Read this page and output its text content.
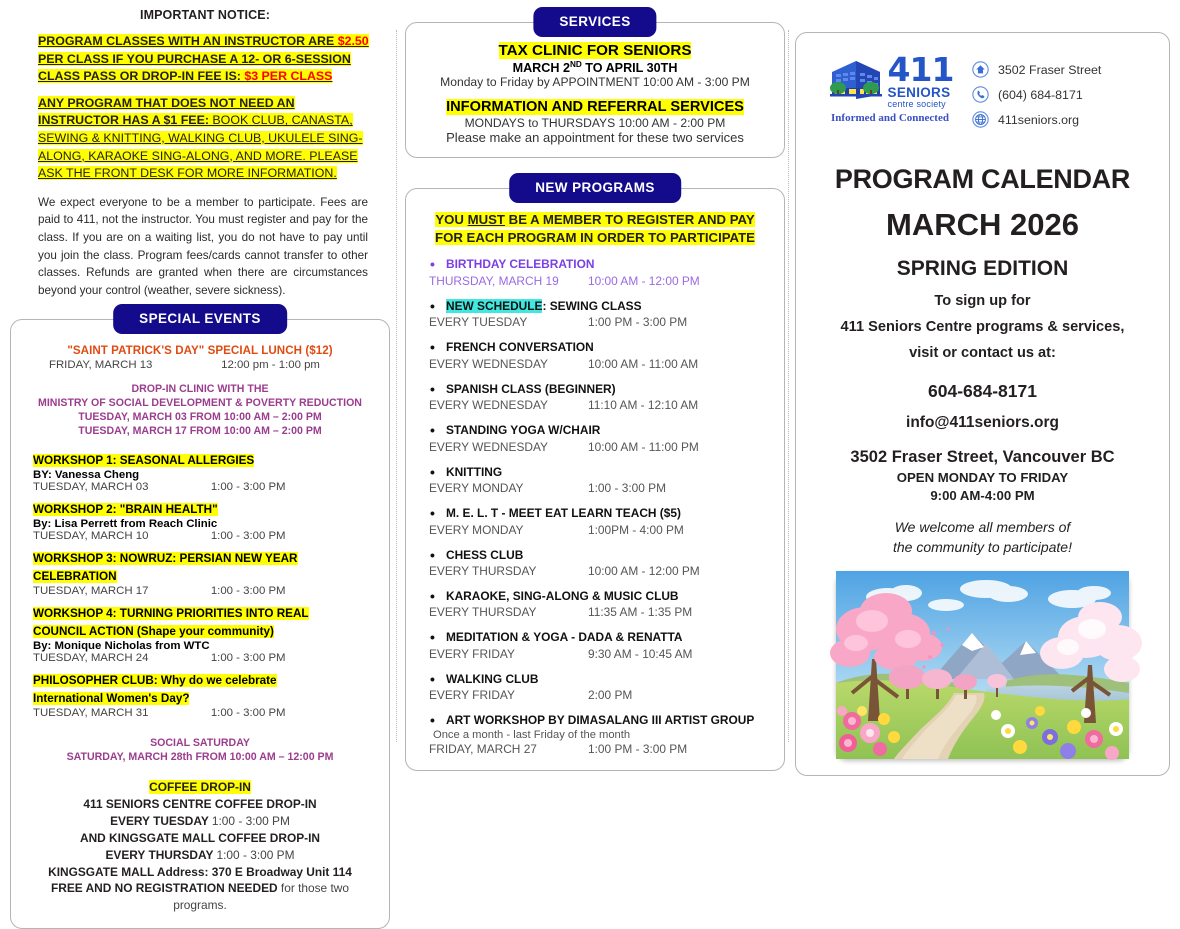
IMPORTANT NOTICE:
PROGRAM CLASSES WITH AN INSTRUCTOR ARE $2.50 PER CLASS IF YOU PURCHASE A 12- OR 6-SESSION CLASS PASS OR DROP-IN FEE IS: $3 PER CLASS
ANY PROGRAM THAT DOES NOT NEED AN INSTRUCTOR HAS A $1 FEE: BOOK CLUB, CANASTA, SEWING & KNITTING, WALKING CLUB, UKULELE SING-ALONG, KARAOKE SING-ALONG, AND MORE. PLEASE ASK THE FRONT DESK FOR MORE INFORMATION.

We expect everyone to be a member to participate. Fees are paid to 411, not the instructor. You must register and pay for the class. If you are on a waiting list, you do not have to pay until you join the class. Program fees/cards cannot transfer to other classes. Refunds are granted when there are circumstances beyond your control (weather, severe sickness).

SPECIAL EVENTS
"SAINT PATRICK'S DAY" SPECIAL LUNCH ($12)
FRIDAY, MARCH 13	12:00 pm - 1:00 pm
DROP-IN CLINIC WITH THE
MINISTRY OF SOCIAL DEVELOPMENT & POVERTY REDUCTION
TUESDAY, MARCH 03 FROM 10:00 AM – 2:00 PM
TUESDAY, MARCH 17 FROM 10:00 AM – 2:00 PM
WORKSHOP 1: SEASONAL ALLERGIES
BY: Vanessa Cheng
TUESDAY, MARCH 03	1:00 - 3:00 PM
WORKSHOP 2: "BRAIN HEALTH"
By: Lisa Perrett from Reach Clinic
TUESDAY, MARCH 10	1:00 - 3:00 PM
WORKSHOP 3: NOWRUZ: PERSIAN NEW YEAR CELEBRATION
TUESDAY, MARCH 17	1:00 - 3:00 PM
WORKSHOP 4: TURNING PRIORITIES INTO REAL COUNCIL ACTION (Shape your community)
By: Monique Nicholas from WTC
TUESDAY, MARCH 24	1:00 - 3:00 PM
PHILOSOPHER CLUB: Why do we celebrate International Women's Day?
TUESDAY, MARCH 31	1:00 - 3:00 PM
SOCIAL SATURDAY
SATURDAY, MARCH 28th FROM 10:00 AM – 12:00 PM
COFFEE DROP-IN
411 SENIORS CENTRE COFFEE DROP-IN
EVERY TUESDAY 1:00 - 3:00 PM
AND KINGSGATE MALL COFFEE DROP-IN
EVERY THURSDAY 1:00 - 3:00 PM
KINGSGATE MALL Address: 370 E Broadway Unit 114
FREE AND NO REGISTRATION NEEDED for those two programs.
SERVICES
TAX CLINIC FOR SENIORS
MARCH 2ND TO APRIL 30TH
Monday to Friday by APPOINTMENT 10:00 AM - 3:00 PM
INFORMATION AND REFERRAL SERVICES
MONDAYS to THURSDAYS 10:00 AM - 2:00 PM
Please make an appointment for these two services
NEW PROGRAMS
YOU MUST BE A MEMBER TO REGISTER AND PAY FOR EACH PROGRAM IN ORDER TO PARTICIPATE
• BIRTHDAY CELEBRATION
THURSDAY, MARCH 19	10:00 AM - 12:00 PM
• NEW SCHEDULE: SEWING CLASS
EVERY TUESDAY	1:00 PM - 3:00 PM
• FRENCH CONVERSATION
EVERY WEDNESDAY	10:00 AM - 11:00 AM
• SPANISH CLASS (BEGINNER)
EVERY WEDNESDAY	11:10 AM - 12:10 AM
• STANDING YOGA W/CHAIR
EVERY WEDNESDAY	10:00 AM - 11:00 PM
• KNITTING
EVERY MONDAY	1:00 - 3:00 PM
• M. E. L. T - MEET EAT LEARN TEACH ($5)
EVERY MONDAY	1:00PM - 4:00 PM
• CHESS CLUB
EVERY THURSDAY	10:00 AM - 12:00 PM
• KARAOKE, SING-ALONG & MUSIC CLUB
EVERY THURSDAY	11:35 AM - 1:35 PM
• MEDITATION & YOGA - DADA & RENATTA
EVERY FRIDAY	9:30 AM - 10:45 AM
• WALKING CLUB
EVERY FRIDAY	2:00 PM
• ART WORKSHOP BY DIMASALANG III ARTIST GROUP
Once a month - last Friday of the month
FRIDAY, MARCH 27	1:00 PM - 3:00 PM
411
SENIORS
centre society
Informed and Connected
3502 Fraser Street
(604) 684-8171
411seniors.org
PROGRAM CALENDAR
MARCH 2026
SPRING EDITION
To sign up for
411 Seniors Centre programs & services,
visit or contact us at:
604-684-8171
info@411seniors.org
3502 Fraser Street, Vancouver BC
OPEN MONDAY TO FRIDAY
9:00 AM-4:00 PM
We welcome all members of
the community to participate!
